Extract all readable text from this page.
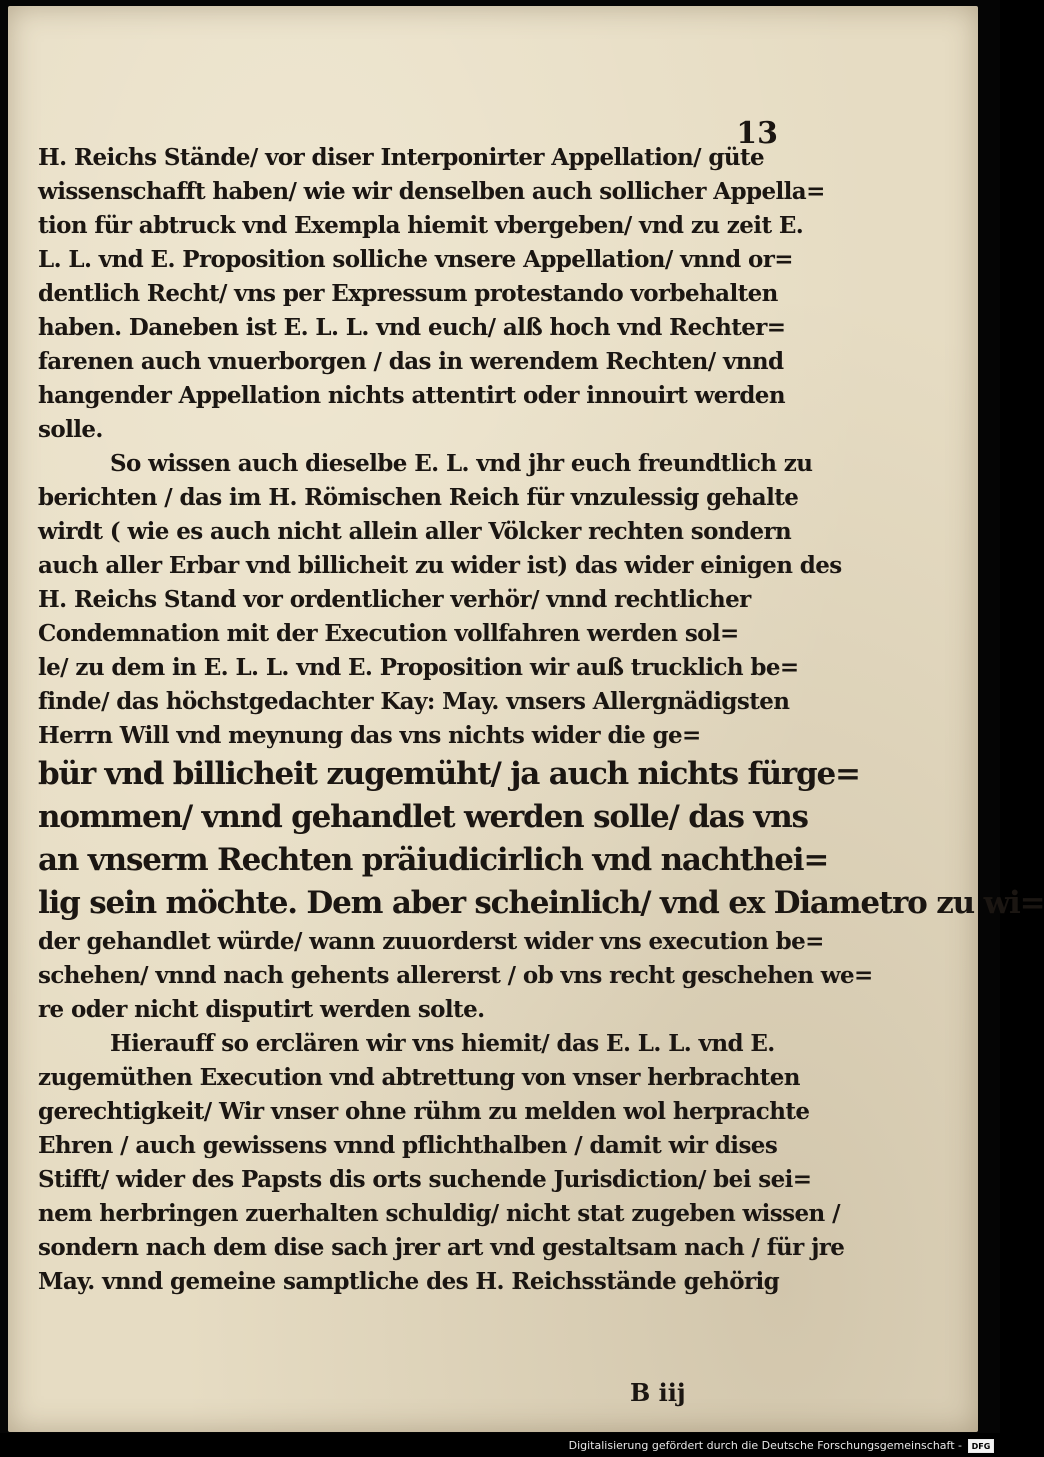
13

H. Reichs Stände/ vor diser Interponirter Appellation/ güte
wissenschafft haben/ wie wir denselben auch sollicher Appella=
tion für abtruck vnd Exempla hiemit vbergeben/ vnd zu zeit E.
L. L. vnd E. Proposition solliche vnsere Appellation/ vnnd or=
dentlich Recht/ vns per Expressum protestando vorbehalten
haben. Daneben ist E. L. L. vnd euch/ alß hoch vnd Rechter=
farenen auch vnuerborgen / das in werendem Rechten/ vnnd
hangender Appellation nichts attentirt oder innouirt werden
solle.
So wissen auch dieselbe E. L. vnd jhr euch freundtlich zu
berichten / das im H. Römischen Reich für vnzulessig gehalte
wirdt ( wie es auch nicht allein aller Völcker rechten sondern
auch aller Erbar vnd billicheit zu wider ist) das wider einigen des
H. Reichs Stand vor ordentlicher verhör/ vnnd rechtlicher
Condemnation mit der Execution vollfahren werden sol=
le/ zu dem in E. L. L. vnd E. Proposition wir auß trucklich be=
finde/ das höchstgedachter Kay: May. vnsers Allergnädigsten
Herrn Will vnd meynung das vns nichts wider die ge=
bür vnd billicheit zugemüht/ ja auch nichts fürge=
nommen/ vnnd gehandlet werden solle/ das vns
an vnserm Rechten präiudicirlich vnd nachthei=
lig sein möchte. Dem aber scheinlich/ vnd ex Diametro zu wi=
der gehandlet würde/ wann zuuorderst wider vns execution be=
schehen/ vnnd nach gehents allererst / ob vns recht geschehen we=
re oder nicht disputirt werden solte.
Hierauff so erclären wir vns hiemit/ das E. L. L. vnd E.
zugemüthen Execution vnd abtrettung von vnser herbrachten
gerechtigkeit/ Wir vnser ohne rühm zu melden wol herprachte
Ehren / auch gewissens vnnd pflichthalben / damit wir dises
Stifft/ wider des Papsts dis orts suchende Jurisdiction/ bei sei=
nem herbringen zuerhalten schuldig/ nicht stat zugeben wissen /
sondern nach dem dise sach jrer art vnd gestaltsam nach / für jre
May. vnnd gemeine samptliche des H. Reichsstände gehörig

B iij

Digitalisierung gefördert durch die Deutsche Forschungsgemeinschaft -	DFG
